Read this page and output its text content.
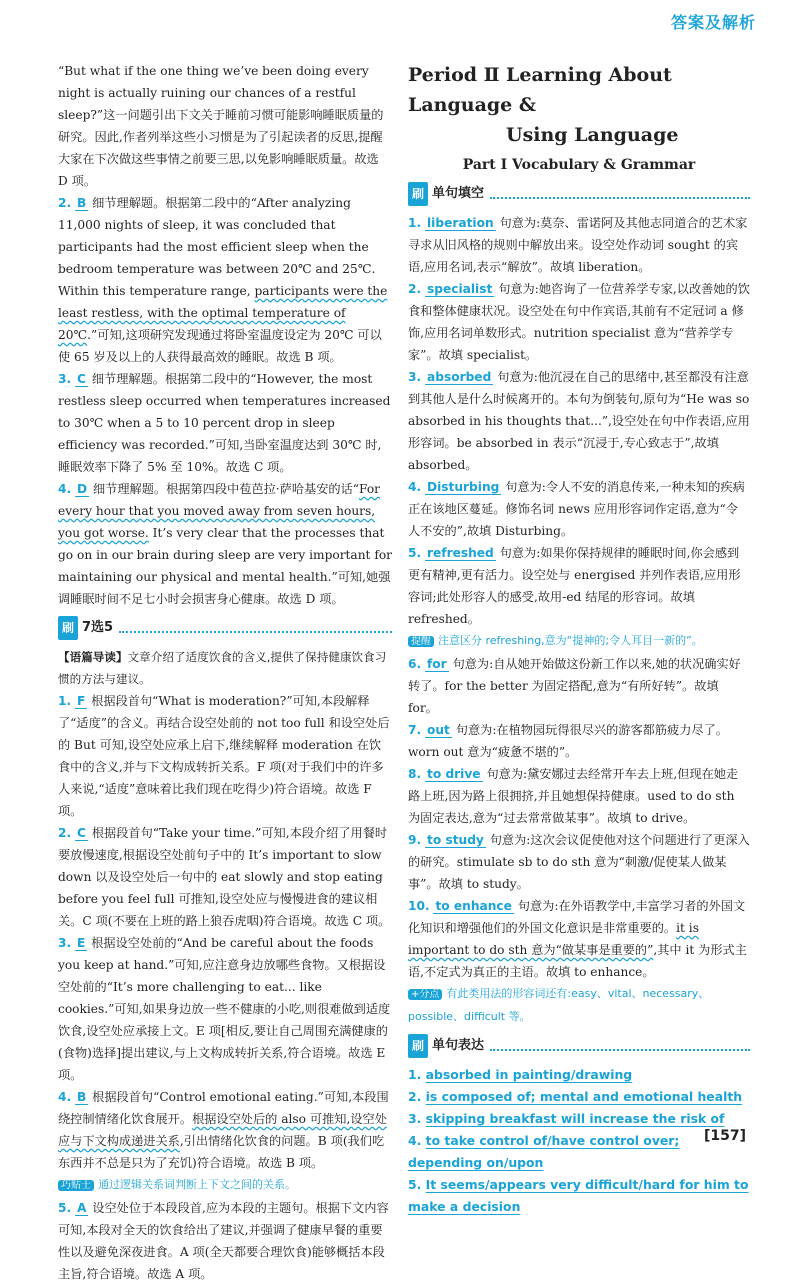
答案及解析

“But what if the one thing we’ve been doing every night is actually ruining our chances of a restful sleep?”这一问题引出下文关于睡前习惯可能影响睡眠质量的研究。因此,作者列举这些小习惯是为了引起读者的反思,提醒大家在下次做这些事情之前要三思,以免影响睡眠质量。故选 D 项。

2. B 细节理解题。根据第二段中的“After analyzing 11,000 nights of sleep, it was concluded that participants had the most efficient sleep when the bedroom temperature was between 20℃ and 25℃. Within this temperature range, participants were the least restless, with the optimal temperature of 20℃.”可知,这项研究发现通过将卧室温度设定为 20℃ 可以使 65 岁及以上的人获得最高效的睡眠。故选 B 项。

3. C 细节理解题。根据第二段中的“However, the most restless sleep occurred when temperatures increased to 30℃ when a 5 to 10 percent drop in sleep efficiency was recorded.”可知,当卧室温度达到 30℃ 时,睡眠效率下降了 5% 至 10%。故选 C 项。

4. D 细节理解题。根据第四段中苞芭拉·萨哈基安的话“For every hour that you moved away from seven hours, you got worse. It’s very clear that the processes that go on in our brain during sleep are very important for maintaining our physical and mental health.”可知,她强调睡眠时间不足七小时会损害身心健康。故选 D 项。

刷 7选5

【语篇导读】文章介绍了适度饮食的含义,提供了保持健康饮食习惯的方法与建议。

1. F 根据段首句“What is moderation?”可知,本段解释了“适度”的含义。再结合设空处前的 not too full 和设空处后的 But 可知,设空处应承上启下,继续解释 moderation 在饮食中的含义,并与下文构成转折关系。F 项(对于我们中的许多人来说,“适度”意味着比我们现在吃得少)符合语境。故选 F 项。

2. C 根据段首句“Take your time.”可知,本段介绍了用餐时要放慢速度,根据设空处前句子中的 It’s important to slow down 以及设空处后一句中的 eat slowly and stop eating before you feel full 可推知,设空处应与慢慢进食的建议相关。C 项(不要在上班的路上狼吞虎咽)符合语境。故选 C 项。

3. E 根据设空处前的“And be careful about the foods you keep at hand.”可知,应注意身边放哪些食物。又根据设空处前的“It’s more challenging to eat... like cookies.”可知,如果身边放一些不健康的小吃,则很难做到适度饮食,设空处应承接上文。E 项[相反,要让自己周围充满健康的(食物)选择]提出建议,与上文构成转折关系,符合语境。故选 E 项。

4. B 根据段首句“Control emotional eating.”可知,本段围绕控制情绪化饮食展开。根据设空处后的 also 可推知,设空处应与下文构成递进关系,引出情绪化饮食的问题。B 项(我们吃东西并不总是只为了充饥)符合语境。故选 B 项。

巧贴士 通过逻辑关系词判断上下文之间的关系。

5. A 设空处位于本段段首,应为本段的主题句。根据下文内容可知,本段对全天的饮食给出了建议,并强调了健康早餐的重要性以及避免深夜进食。A 项(全天都要合理饮食)能够概括本段主旨,符合语境。故选 A 项。

Period Ⅱ Learning About Language &
Using Language
Part Ⅰ Vocabulary & Grammar
刷 单句填空

1. liberation 句意为:莫奈、雷诺阿及其他志同道合的艺术家寻求从旧风格的规则中解放出来。设空处作动词 sought 的宾语,应用名词,表示“解放”。故填 liberation。

2. specialist 句意为:她咨询了一位营养学专家,以改善她的饮食和整体健康状况。设空处在句中作宾语,其前有不定冠词 a 修饰,应用名词单数形式。nutrition specialist 意为“营养学专家”。故填 specialist。

3. absorbed 句意为:他沉浸在自己的思绪中,甚至都没有注意到其他人是什么时候离开的。本句为倒装句,原句为“He was so absorbed in his thoughts that...”,设空处在句中作表语,应用形容词。be absorbed in 表示“沉浸于,专心致志于”,故填 absorbed。

4. Disturbing 句意为:令人不安的消息传来,一种未知的疾病正在该地区蔓延。修饰名词 news 应用形容词作定语,意为“令人不安的”,故填 Disturbing。

5. refreshed 句意为:如果你保持规律的睡眠时间,你会感到更有精神,更有活力。设空处与 energised 并列作表语,应用形容词;此处形容人的感受,故用-ed 结尾的形容词。故填 refreshed。

提醒 注意区分 refreshing,意为“提神的;令人耳目一新的”。

6. for 句意为:自从她开始做这份新工作以来,她的状况确实好转了。for the better 为固定搭配,意为“有所好转”。故填 for。

7. out 句意为:在植物园玩得很尽兴的游客都筋疲力尽了。worn out 意为“疲惫不堪的”。

8. to drive 句意为:黛安娜过去经常开车去上班,但现在她走路上班,因为路上很拥挤,并且她想保持健康。used to do sth 为固定表达,意为“过去常常做某事”。故填 to drive。

9. to study 句意为:这次会议促使他对这个问题进行了更深入的研究。stimulate sb to do sth 意为“刺激/促使某人做某事”。故填 to study。

10. to enhance 句意为:在外语教学中,丰富学习者的外国文化知识和增强他们的外国文化意识是非常重要的。it is important to do sth 意为“做某事是重要的”,其中 it 为形式主语,不定式为真正的主语。故填 to enhance。

+分点 有此类用法的形容词还有:easy、vital、necessary、possible、difficult 等。

刷 单句表达

1. absorbed in painting/drawing

2. is composed of; mental and emotional health

3. skipping breakfast will increase the risk of

4. to take control of/have control over; depending on/upon

5. It seems/appears very difficult/hard for him to make a decision

[157]
